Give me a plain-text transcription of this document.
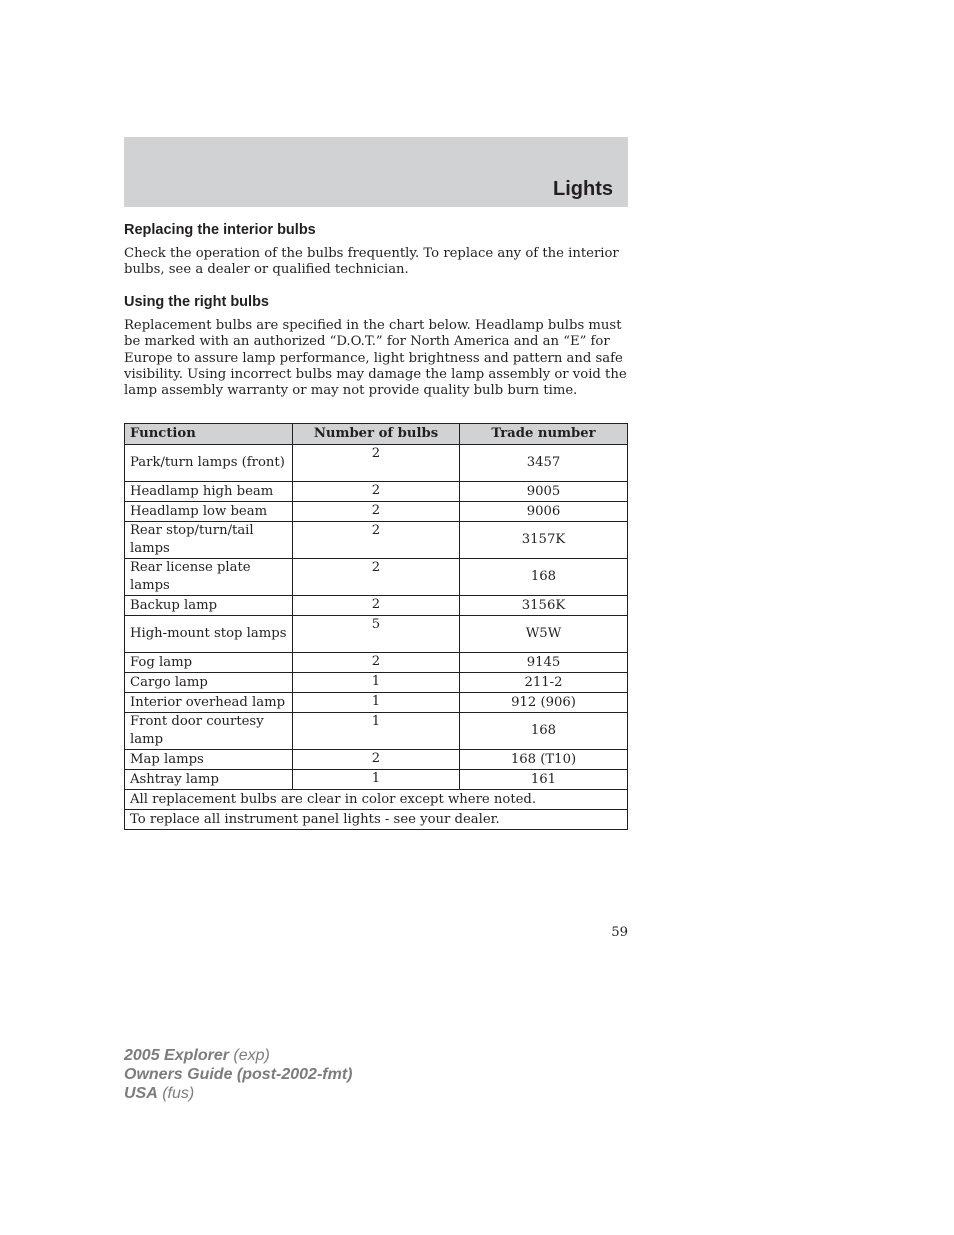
Lights
Replacing the interior bulbs

Check the operation of the bulbs frequently. To replace any of the interior bulbs, see a dealer or qualified technician.

Using the right bulbs

Replacement bulbs are specified in the chart below. Headlamp bulbs must be marked with an authorized “D.O.T.” for North America and an “E” for Europe to assure lamp performance, light brightness and pattern and safe visibility. Using incorrect bulbs may damage the lamp assembly or void the lamp assembly warranty or may not provide quality bulb burn time.

Function	Number of bulbs	Trade number
Park/turn lamps (front)	2	3457
Headlamp high beam	2	9005
Headlamp low beam	2	9006
Rear stop/turn/tail lamps	2	3157K
Rear license plate lamps	2	168
Backup lamp	2	3156K
High-mount stop lamps	5	W5W
Fog lamp	2	9145
Cargo lamp	1	211-2
Interior overhead lamp	1	912 (906)
Front door courtesy lamp	1	168
Map lamps	2	168 (T10)
Ashtray lamp	1	161
All replacement bulbs are clear in color except where noted.		
To replace all instrument panel lights - see your dealer.		
59
2005 Explorer (exp)
Owners Guide (post-2002-fmt)
USA (fus)
